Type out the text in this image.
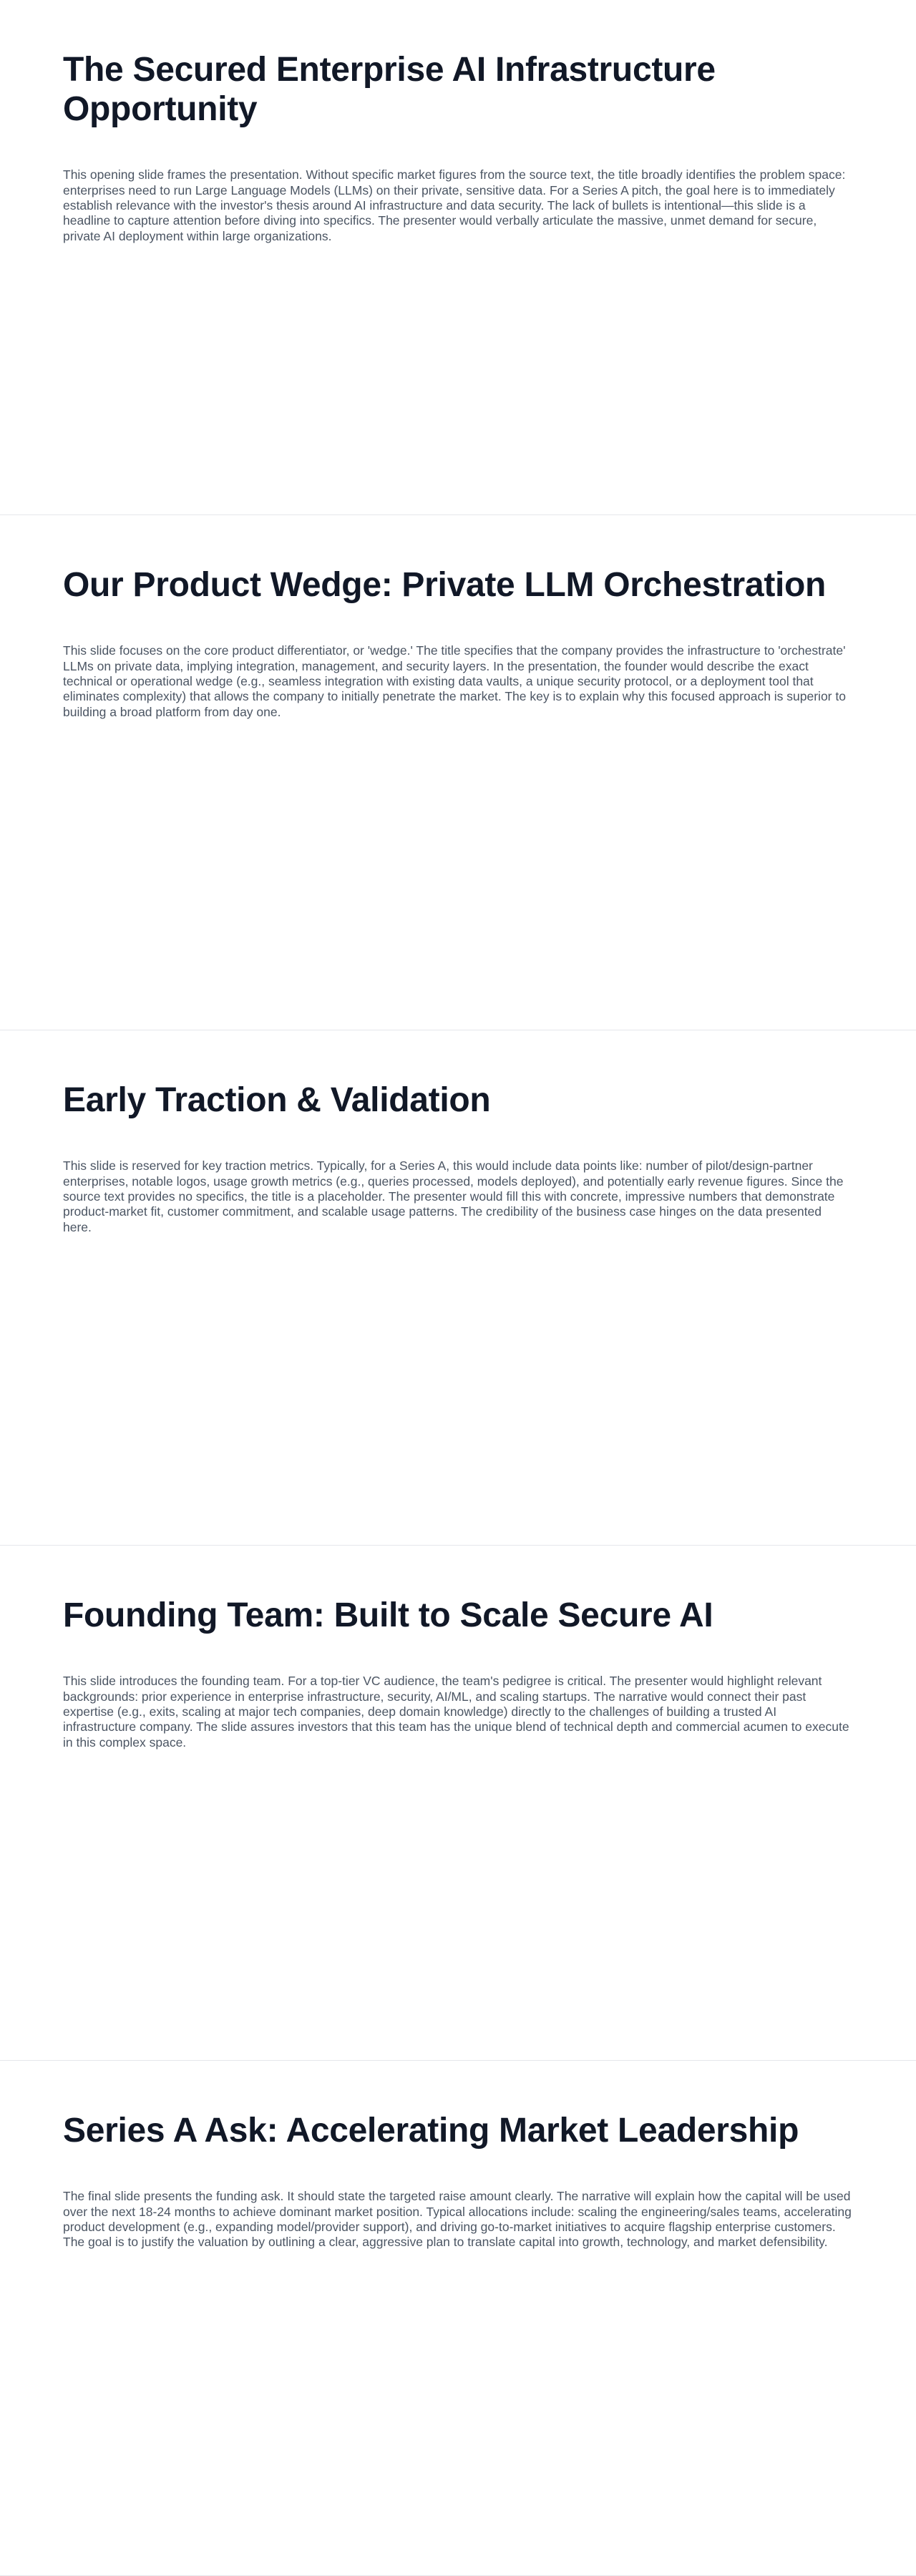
The Secured Enterprise AI Infrastructure Opportunity

This opening slide frames the presentation. Without specific market figures from the source text, the title broadly identifies the problem space: enterprises need to run Large Language Models (LLMs) on their private, sensitive data. For a Series A pitch, the goal here is to immediately establish relevance with the investor's thesis around AI infrastructure and data security. The lack of bullets is intentional—this slide is a headline to capture attention before diving into specifics. The presenter would verbally articulate the massive, unmet demand for secure, private AI deployment within large organizations.

Our Product Wedge: Private LLM Orchestration

This slide focuses on the core product differentiator, or 'wedge.' The title specifies that the company provides the infrastructure to 'orchestrate' LLMs on private data, implying integration, management, and security layers. In the presentation, the founder would describe the exact technical or operational wedge (e.g., seamless integration with existing data vaults, a unique security protocol, or a deployment tool that eliminates complexity) that allows the company to initially penetrate the market. The key is to explain why this focused approach is superior to building a broad platform from day one.

Early Traction & Validation

This slide is reserved for key traction metrics. Typically, for a Series A, this would include data points like: number of pilot/design-partner enterprises, notable logos, usage growth metrics (e.g., queries processed, models deployed), and potentially early revenue figures. Since the source text provides no specifics, the title is a placeholder. The presenter would fill this with concrete, impressive numbers that demonstrate product-market fit, customer commitment, and scalable usage patterns. The credibility of the business case hinges on the data presented here.

Founding Team: Built to Scale Secure AI

This slide introduces the founding team. For a top-tier VC audience, the team's pedigree is critical. The presenter would highlight relevant backgrounds: prior experience in enterprise infrastructure, security, AI/ML, and scaling startups. The narrative would connect their past expertise (e.g., exits, scaling at major tech companies, deep domain knowledge) directly to the challenges of building a trusted AI infrastructure company. The slide assures investors that this team has the unique blend of technical depth and commercial acumen to execute in this complex space.

Series A Ask: Accelerating Market Leadership

The final slide presents the funding ask. It should state the targeted raise amount clearly. The narrative will explain how the capital will be used over the next 18-24 months to achieve dominant market position. Typical allocations include: scaling the engineering/sales teams, accelerating product development (e.g., expanding model/provider support), and driving go-to-market initiatives to acquire flagship enterprise customers. The goal is to justify the valuation by outlining a clear, aggressive plan to translate capital into growth, technology, and market defensibility.
